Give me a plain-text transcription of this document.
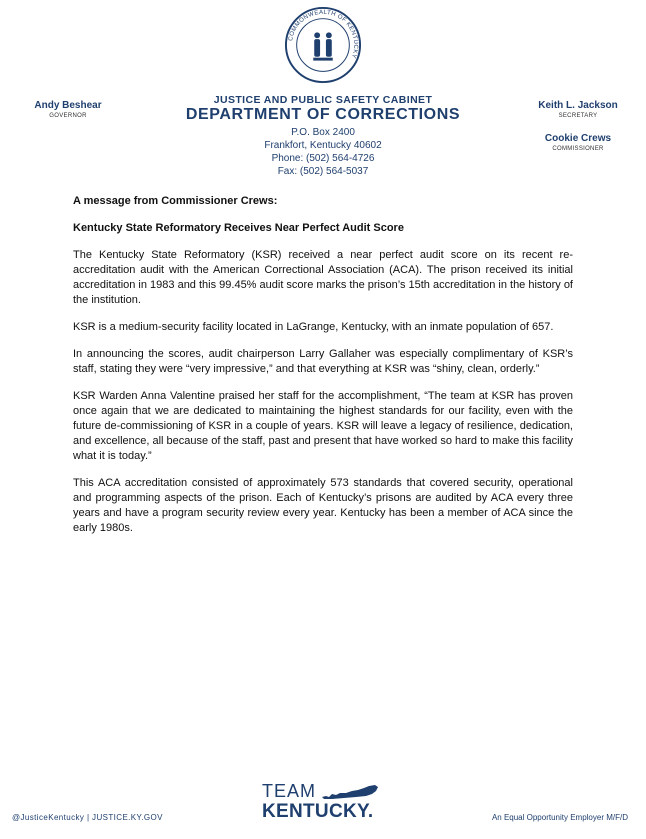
COMMONWEALTH OF KENTUCKY
Andy Beshear
GOVERNOR
JUSTICE AND PUBLIC SAFETY CABINET
DEPARTMENT OF CORRECTIONS
P.O. Box 2400
Frankfort, Kentucky 40602
Phone: (502) 564-4726
Fax: (502) 564-5037
Keith L. Jackson
SECRETARY
Cookie Crews
COMMISSIONER
A message from Commissioner Crews:
Kentucky State Reformatory Receives Near Perfect Audit Score

The Kentucky State Reformatory (KSR) received a near perfect audit score on its recent re-accreditation audit with the American Correctional Association (ACA). The prison received its initial accreditation in 1983 and this 99.45% audit score marks the prison’s 15th accreditation in the history of the institution.

KSR is a medium-security facility located in LaGrange, Kentucky, with an inmate population of 657.

In announcing the scores, audit chairperson Larry Gallaher was especially complimentary of KSR’s staff, stating they were “very impressive,” and that everything at KSR was “shiny, clean, orderly.”

KSR Warden Anna Valentine praised her staff for the accomplishment, “The team at KSR has proven once again that we are dedicated to maintaining the highest standards for our facility, even with the future de-commissioning of KSR in a couple of years. KSR will leave a legacy of resilience, dedication, and excellence, all because of the staff, past and present that have worked so hard to make this facility what it is today.”

This ACA accreditation consisted of approximately 573 standards that covered security, operational and programming aspects of the prison. Each of Kentucky’s prisons are audited by ACA every three years and have a program security review every year. Kentucky has been a member of ACA since the early 1980s.

@JusticeKentucky | JUSTICE.KY.GOV
TEAM
KENTUCKY.	An Equal Opportunity Employer M/F/D
